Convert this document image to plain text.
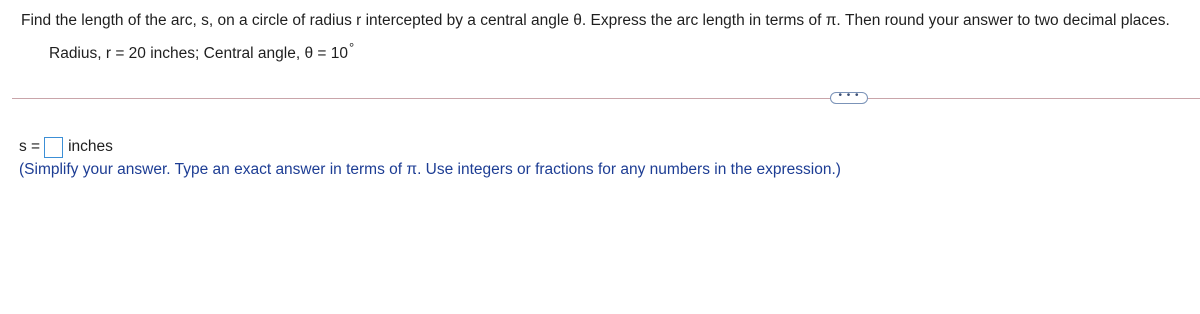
Find the length of the arc, s, on a circle of radius r intercepted by a central angle θ. Express the arc length in terms of π. Then round your answer to two decimal places.
Radius, r = 20 inches; Central angle, θ = 10°
• • •
s = inches
(Simplify your answer. Type an exact answer in terms of π. Use integers or fractions for any numbers in the expression.)
